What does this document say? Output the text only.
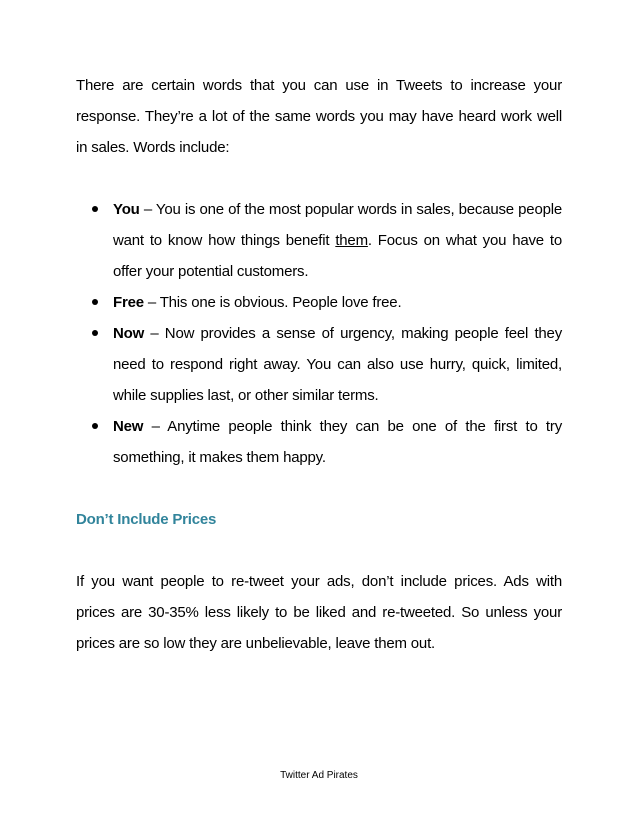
There are certain words that you can use in Tweets to increase your response. They’re a lot of the same words you may have heard work well in sales. Words include:

You – You is one of the most popular words in sales, because people want to know how things benefit them. Focus on what you have to offer your potential customers.
Free – This one is obvious. People love free.
Now – Now provides a sense of urgency, making people feel they need to respond right away. You can also use hurry, quick, limited, while supplies last, or other similar terms.
New – Anytime people think they can be one of the first to try something, it makes them happy.
Don’t Include Prices

If you want people to re-tweet your ads, don’t include prices. Ads with prices are 30-35% less likely to be liked and re-tweeted. So unless your prices are so low they are unbelievable, leave them out.

Twitter Ad Pirates
